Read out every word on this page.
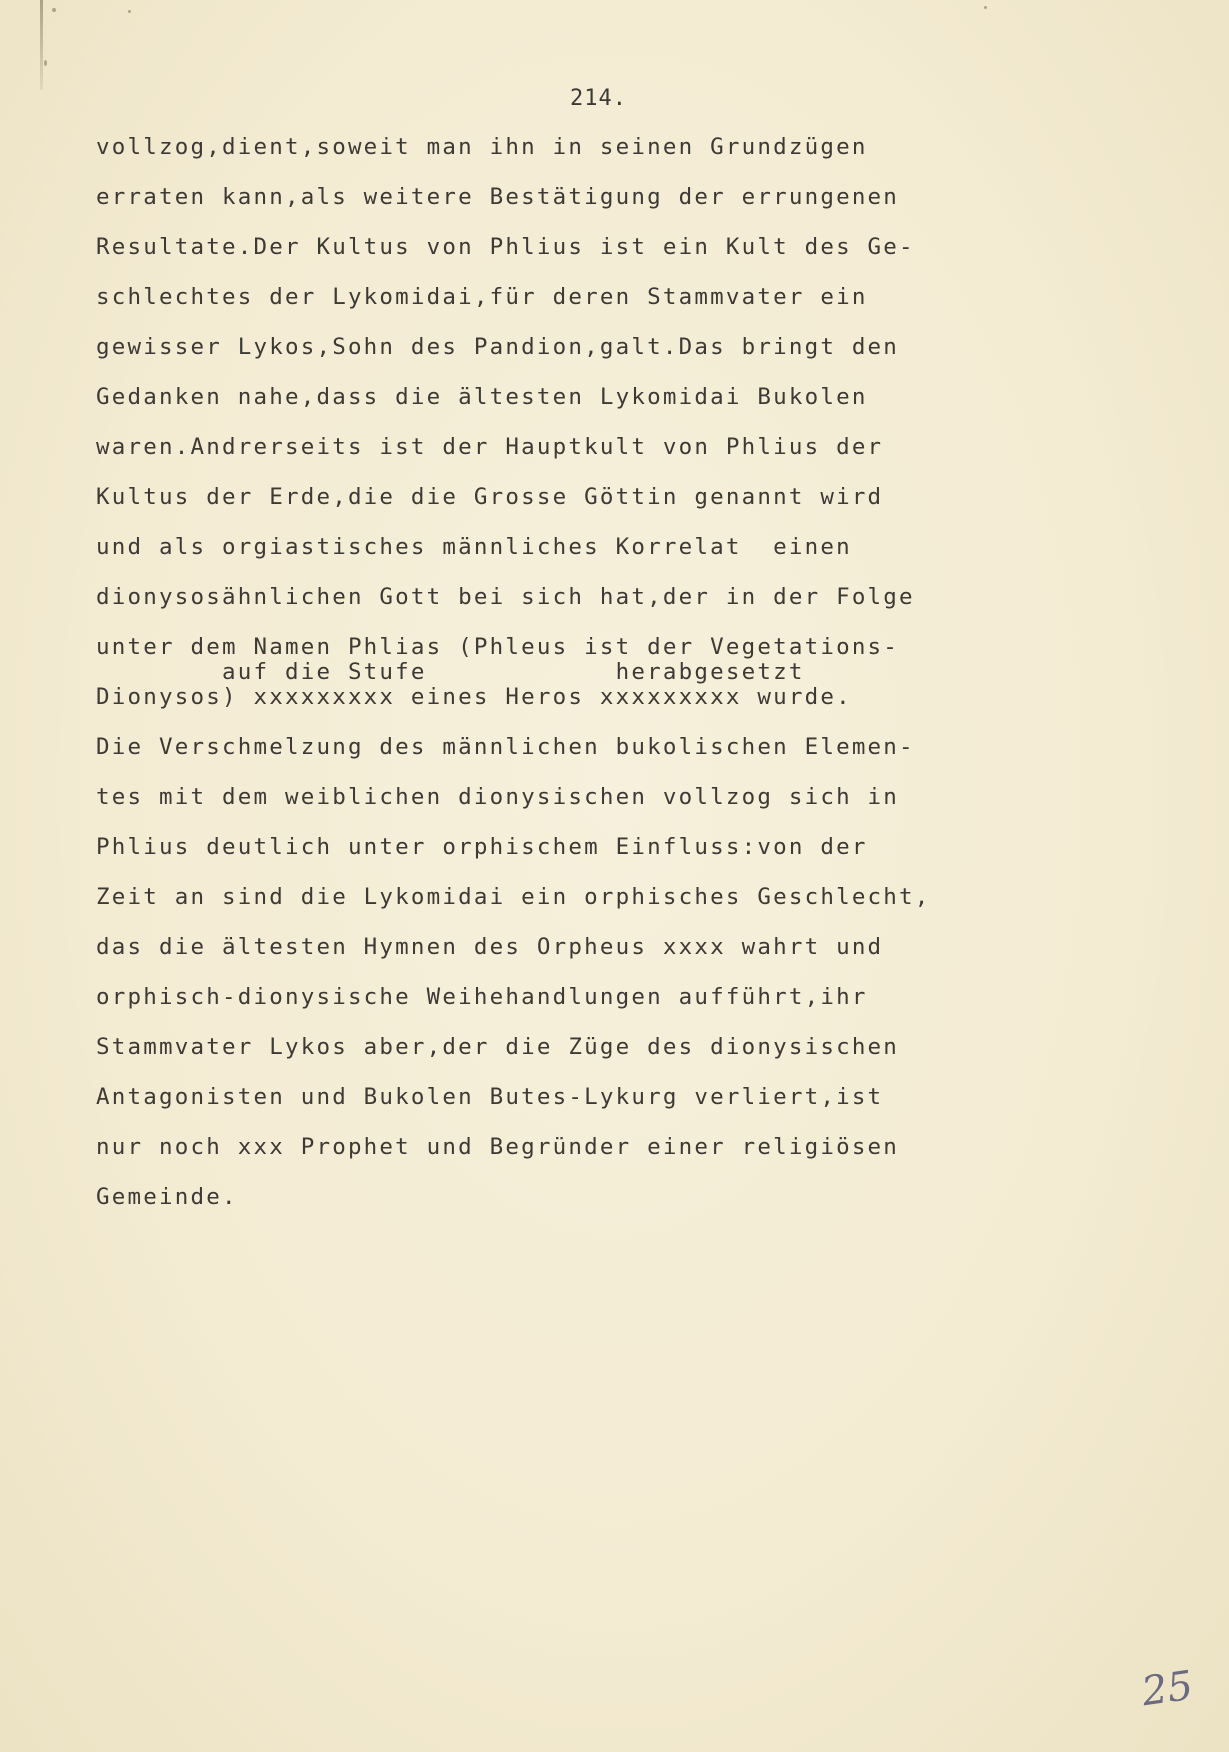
214.
vollzog,dient,soweit man ihn in seinen Grundzügen
erraten kann,als weitere Bestätigung der errungenen
Resultate.Der Kultus von Phlius ist ein Kult des Ge-
schlechtes der Lykomidai,für deren Stammvater ein
gewisser Lykos,Sohn des Pandion,galt.Das bringt den
Gedanken nahe,dass die ältesten Lykomidai Bukolen
waren.Andrerseits ist der Hauptkult von Phlius der
Kultus der Erde,die die Grosse Göttin genannt wird
und als orgiastisches männliches Korrelat  einen
dionysosähnlichen Gott bei sich hat,der in der Folge
unter dem Namen Phlias (Phleus ist der Vegetations-
auf die Stufe            herabgesetzt
Dionysos) xxxxxxxxx eines Heros xxxxxxxxx wurde.
Die Verschmelzung des männlichen bukolischen Elemen-
tes mit dem weiblichen dionysischen vollzog sich in
Phlius deutlich unter orphischem Einfluss:von der
Zeit an sind die Lykomidai ein orphisches Geschlecht,
das die ältesten Hymnen des Orpheus xxxx wahrt und
orphisch-dionysische Weihehandlungen aufführt,ihr
Stammvater Lykos aber,der die Züge des dionysischen
Antagonisten und Bukolen Butes-Lykurg verliert,ist
nur noch xxx Prophet und Begründer einer religiösen
Gemeinde.
25
